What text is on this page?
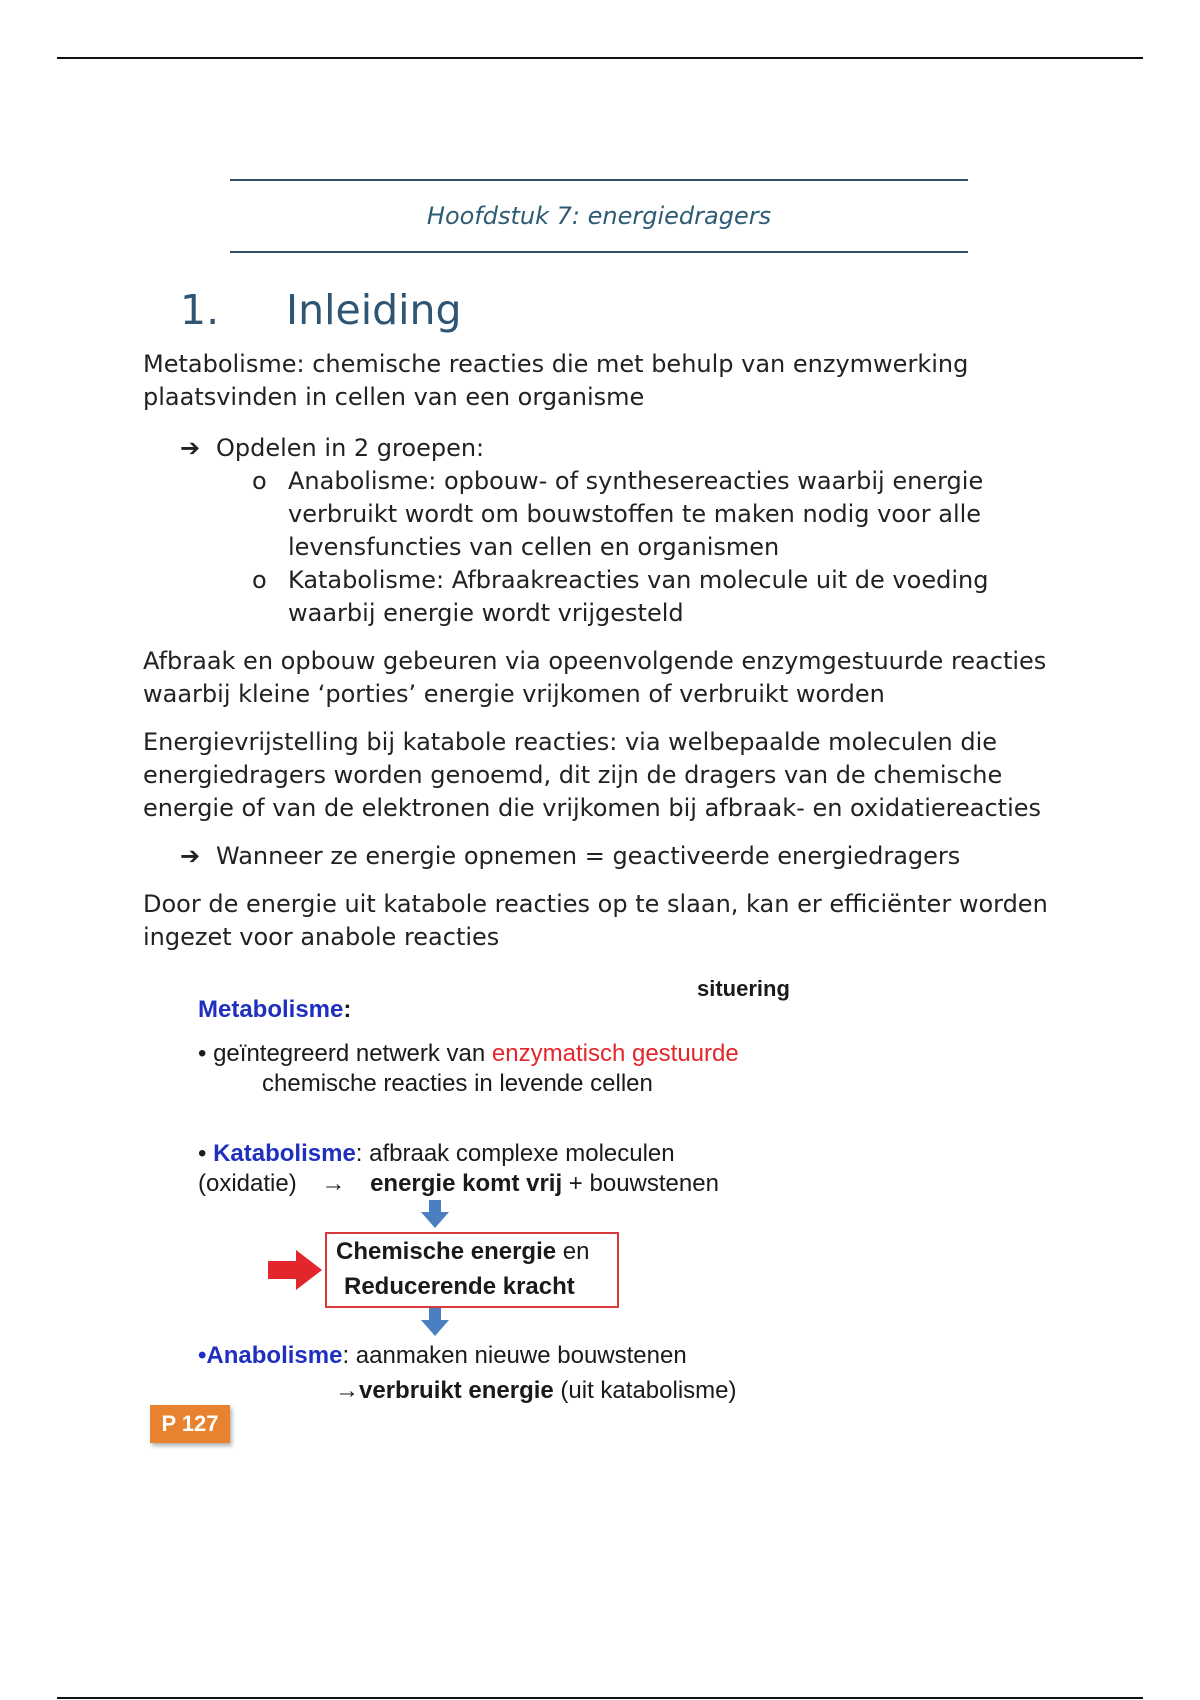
Hoofdstuk 7: energiedragers
1. Inleiding
Metabolisme: chemische reacties die met behulp van enzymwerking plaatsvinden in cellen van een organisme
➔ Opdelen in 2 groepen:
o Anabolisme: opbouw- of synthesereacties waarbij energie verbruikt wordt om bouwstoffen te maken nodig voor alle levensfuncties van cellen en organismen
o Katabolisme: Afbraakreacties van molecule uit de voeding waarbij energie wordt vrijgesteld
Afbraak en opbouw gebeuren via opeenvolgende enzymgestuurde reacties waarbij kleine ‘porties’ energie vrijkomen of verbruikt worden
Energievrijstelling bij katabole reacties: via welbepaalde moleculen die energiedragers worden genoemd, dit zijn de dragers van de chemische energie of van de elektronen die vrijkomen bij afbraak- en oxidatiereacties
➔ Wanneer ze energie opnemen = geactiveerde energiedragers
Door de energie uit katabole reacties op te slaan, kan er efficiënter worden ingezet voor anabole reacties
situering
Metabolisme:
• geïntegreerd netwerk van enzymatisch gestuurde
chemische reacties in levende cellen
• Katabolisme: afbraak complexe moleculen
(oxidatie) → energie komt vrij + bouwstenen
Chemische energie en
Reducerende kracht
•Anabolisme: aanmaken nieuwe bouwstenen
→verbruikt energie (uit katabolisme)
P 127
